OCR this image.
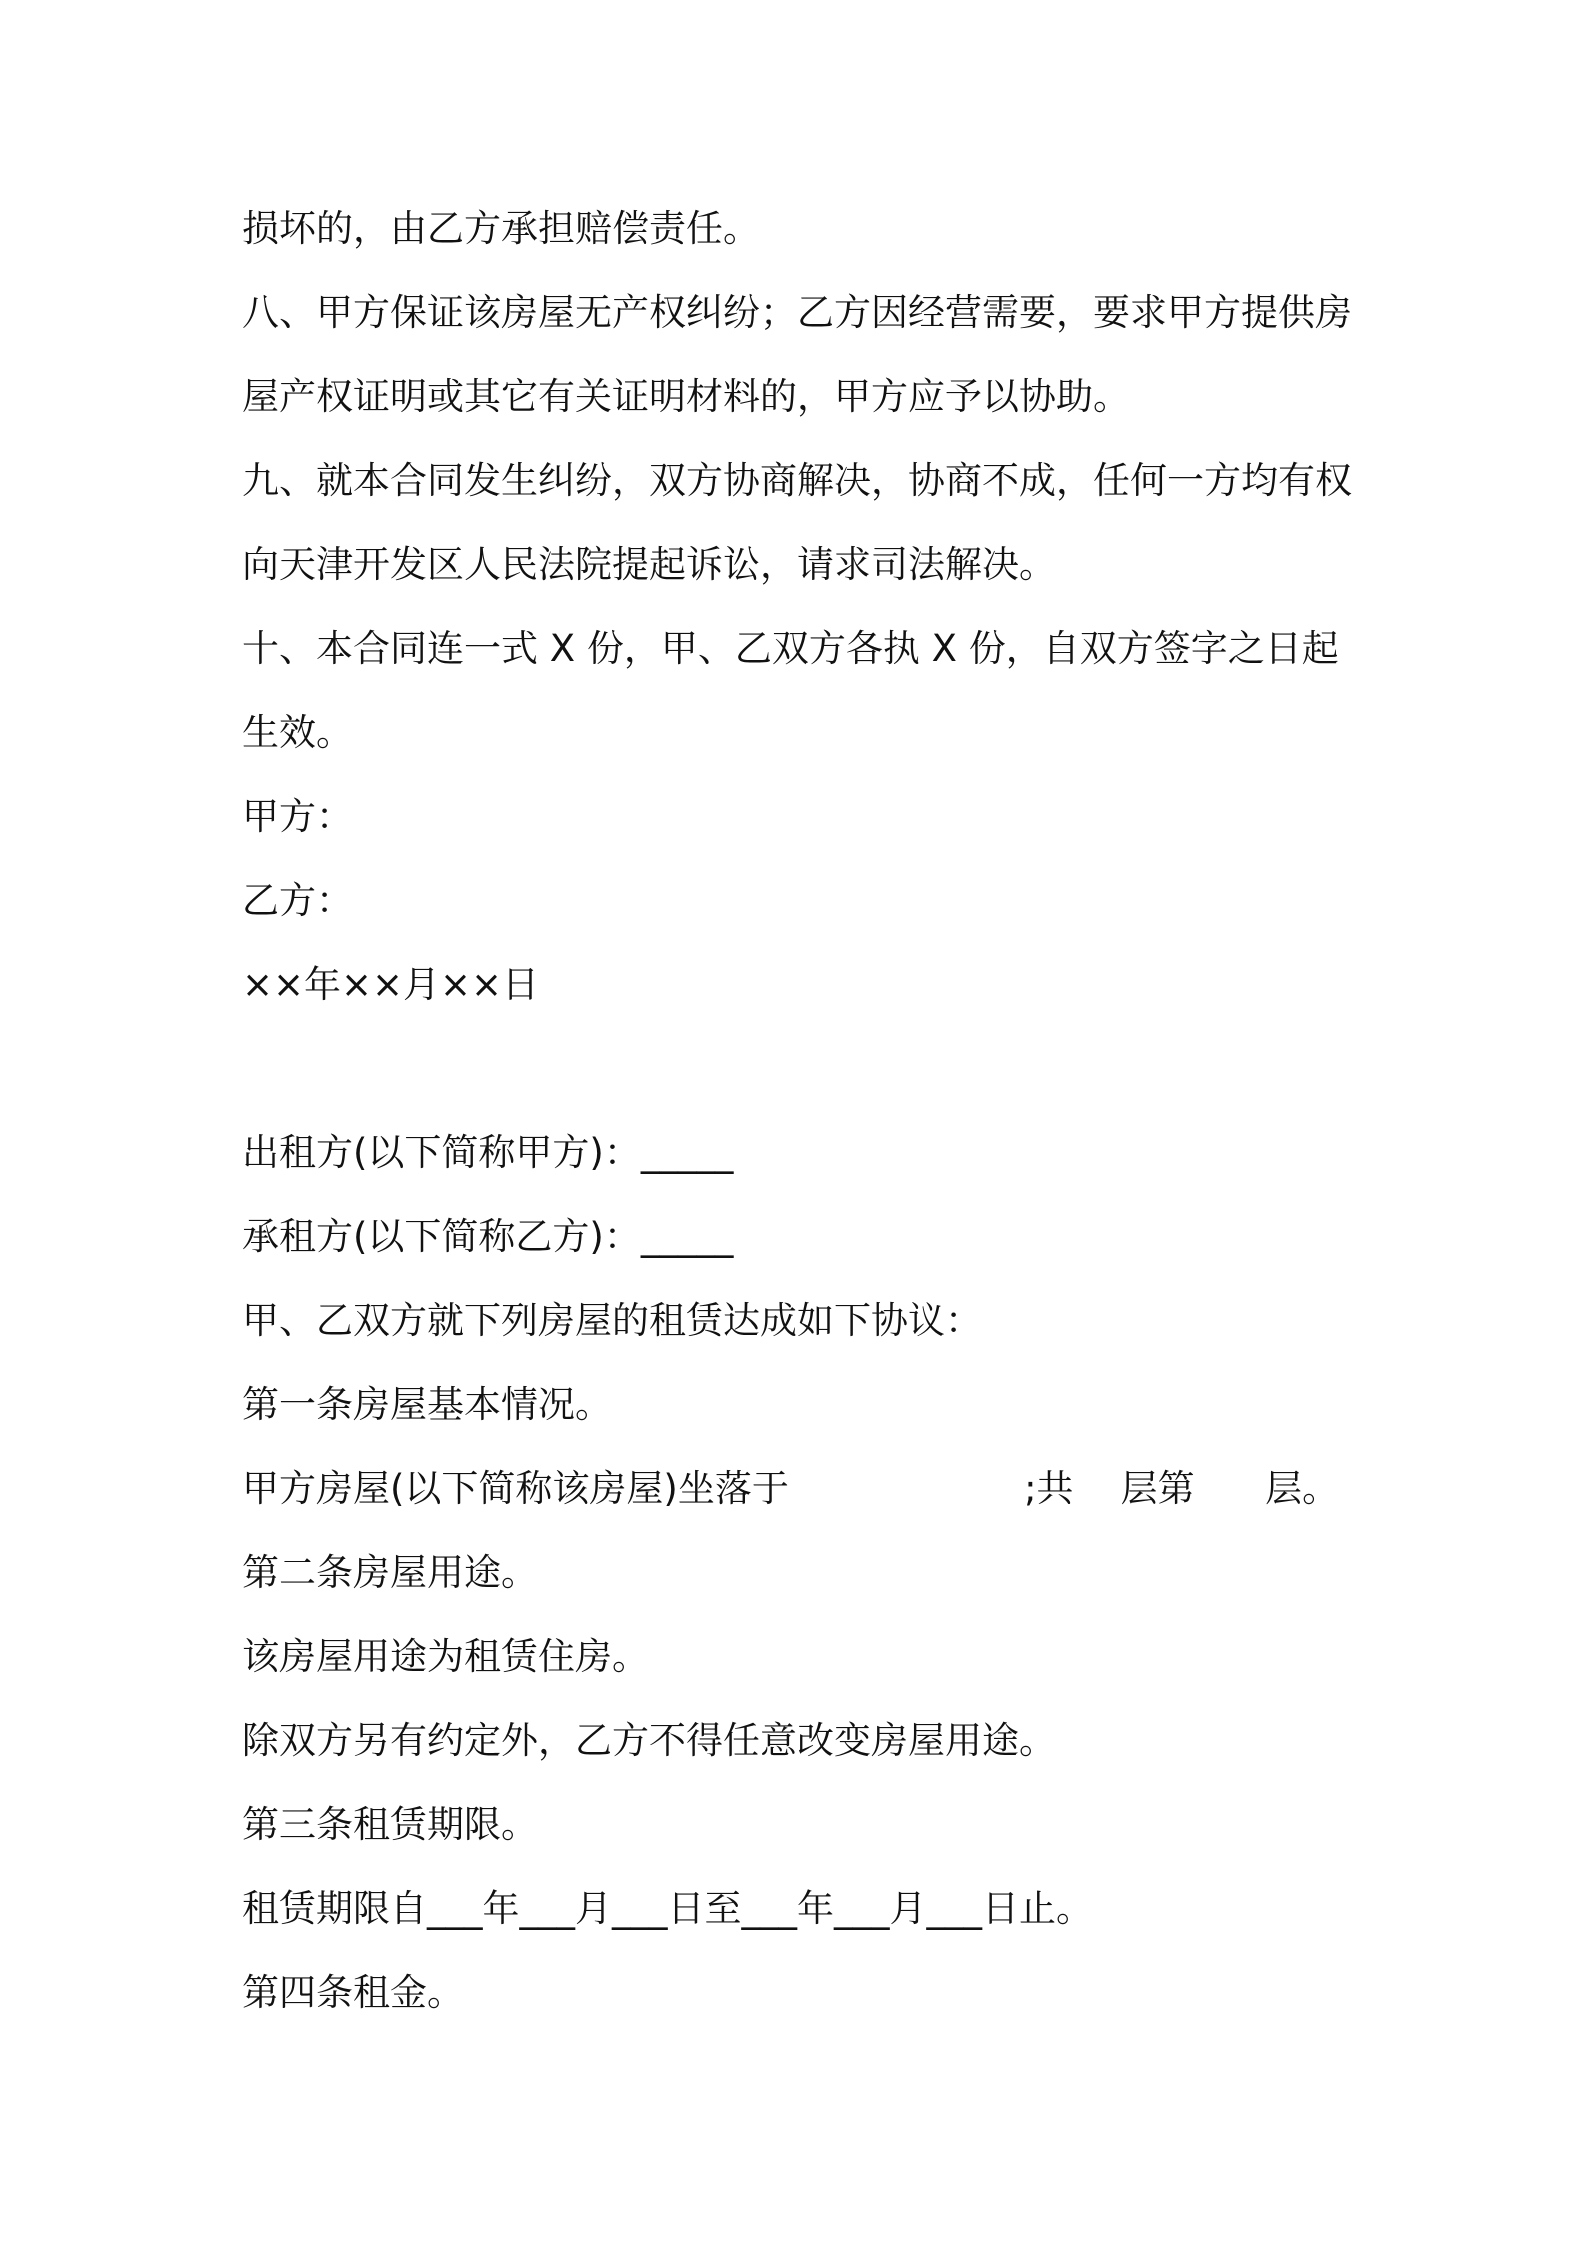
损坏的，由乙方承担赔偿责任。

八、甲方保证该房屋无产权纠纷；乙方因经营需要，要求甲方提供房

屋产权证明或其它有关证明材料的，甲方应予以协助。

九、就本合同发生纠纷，双方协商解决，协商不成，任何一方均有权

向天津开发区人民法院提起诉讼，请求司法解决。

十、本合同连一式 X 份，甲、乙双方各执 X 份，自双方签字之日起

生效。

甲方：

乙方：

××年××月××日

出租方(以下简称甲方)：_____

承租方(以下简称乙方)：_____

甲、乙双方就下列房屋的租赁达成如下协议：

第一条房屋基本情况。

甲方房屋(以下简称该房屋)坐落于                    ;共    层第      层。

第二条房屋用途。

该房屋用途为租赁住房。

除双方另有约定外，乙方不得任意改变房屋用途。

第三条租赁期限。

租赁期限自___年___月___日至___年___月___日止。

第四条租金。
